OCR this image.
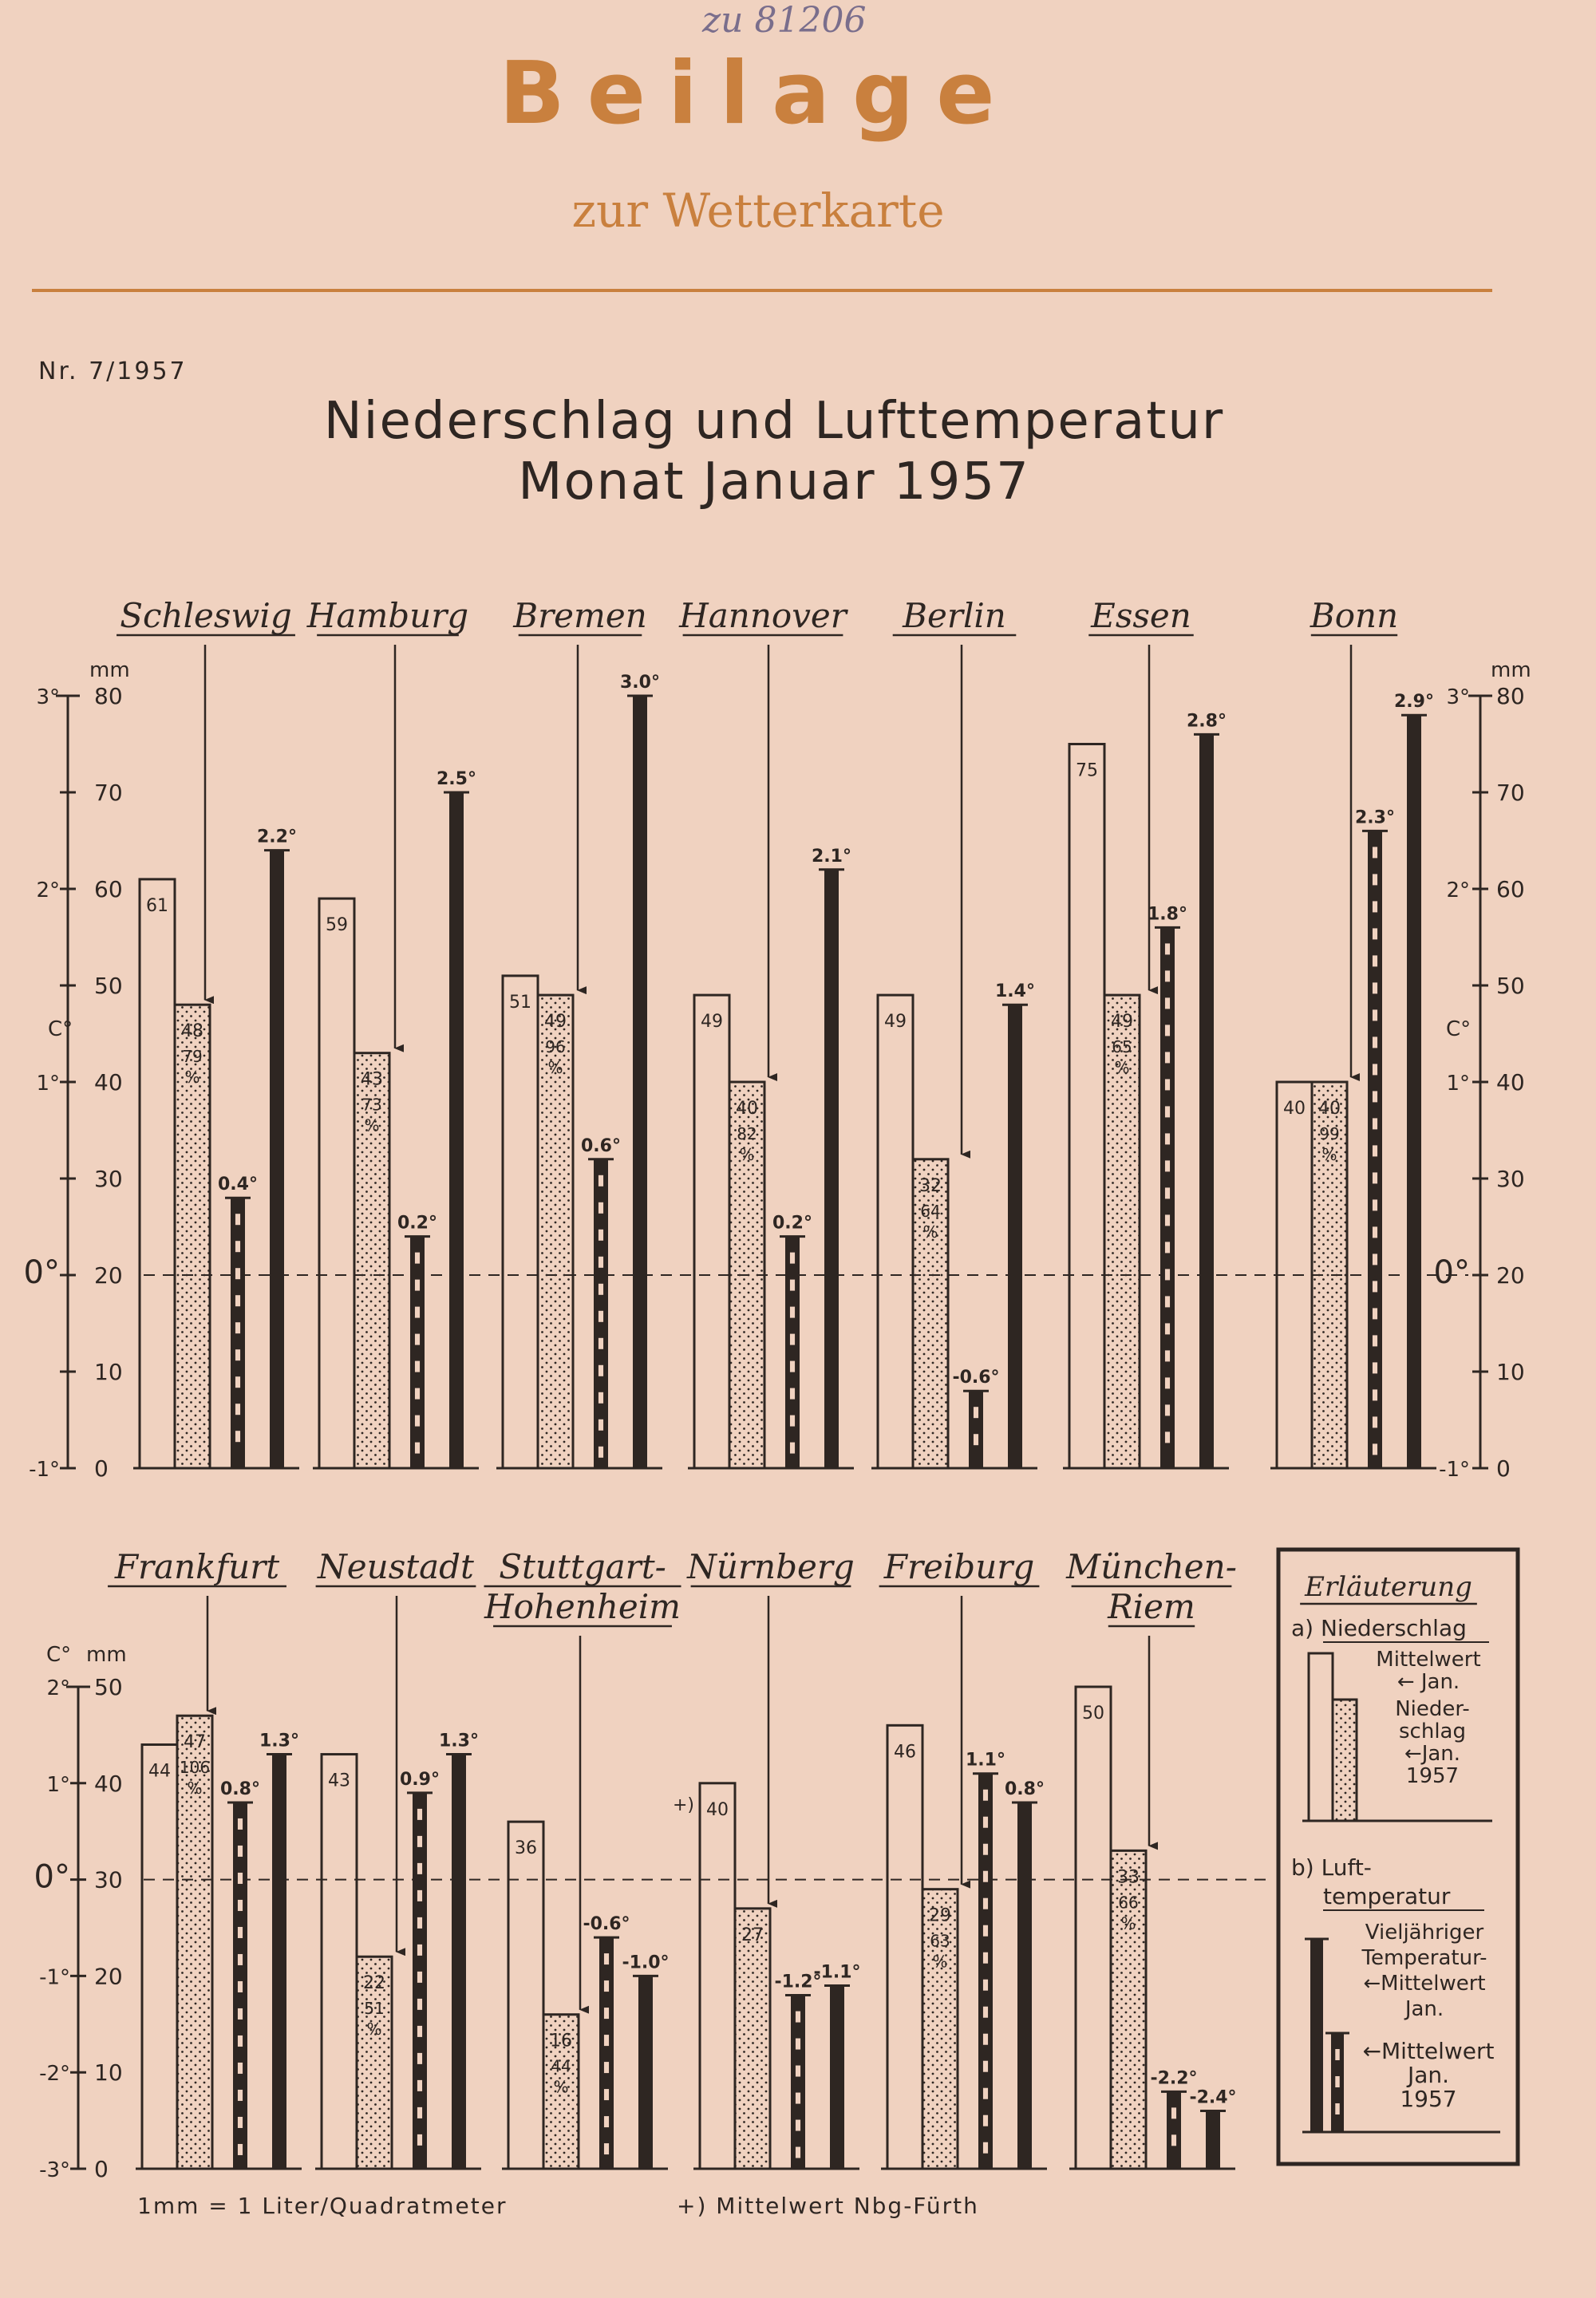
zu 81206
Beilage
zur Wetterkarte
Nr. 7/1957
Niederschlag und Lufttemperatur
Monat Januar 1957
mm
C°
0
10
20
30
40
50
60
70
80
-1°
0°
1°
2°
3°
mm
C°
0
10
20
30
40
50
60
70
80
-1°
0°
1°
2°
3°
Schleswig
61
48
79
%
0.4°
2.2°
Hamburg
59
43
73
%
0.2°
2.5°
Bremen
51
49
96
%
0.6°
3.0°
Hannover
49
40
82
%
0.2°
2.1°
Berlin
49
32
64
%
-0.6°
1.4°
Essen
75
49
65
%
1.8°
2.8°
Bonn
40 40
99
%
2.3°
2.9°
C° mm
0
10
20
30
40
50
-3°
-2°
-1°
0°
1°
2°
Frankfurt
44
47
106
% 0.8°
1.3°
Neustadt
43
22
51
%
0.9°
1.3°
Stuttgart-
Hohenheim
36
16
44
%
-0.6°
-1.0°
Nürnberg
+) 40
27
-1.2°
-1.1°
Freiburg
46
29
63
%
1.1°
0.8°
München-
Riem
50
33
66
%
-2.2°
-2.4°
Erläuterung
a) Niederschlag
Mittelwert
← Jan.
Nieder-
schlag
←Jan.
1957
b) Luft-
temperatur
Vieljähriger
Temperatur-
←Mittelwert
Jan.
←Mittelwert
Jan.
1957
1mm = 1 Liter/Quadratmeter	+) Mittelwert Nbg-Fürth
